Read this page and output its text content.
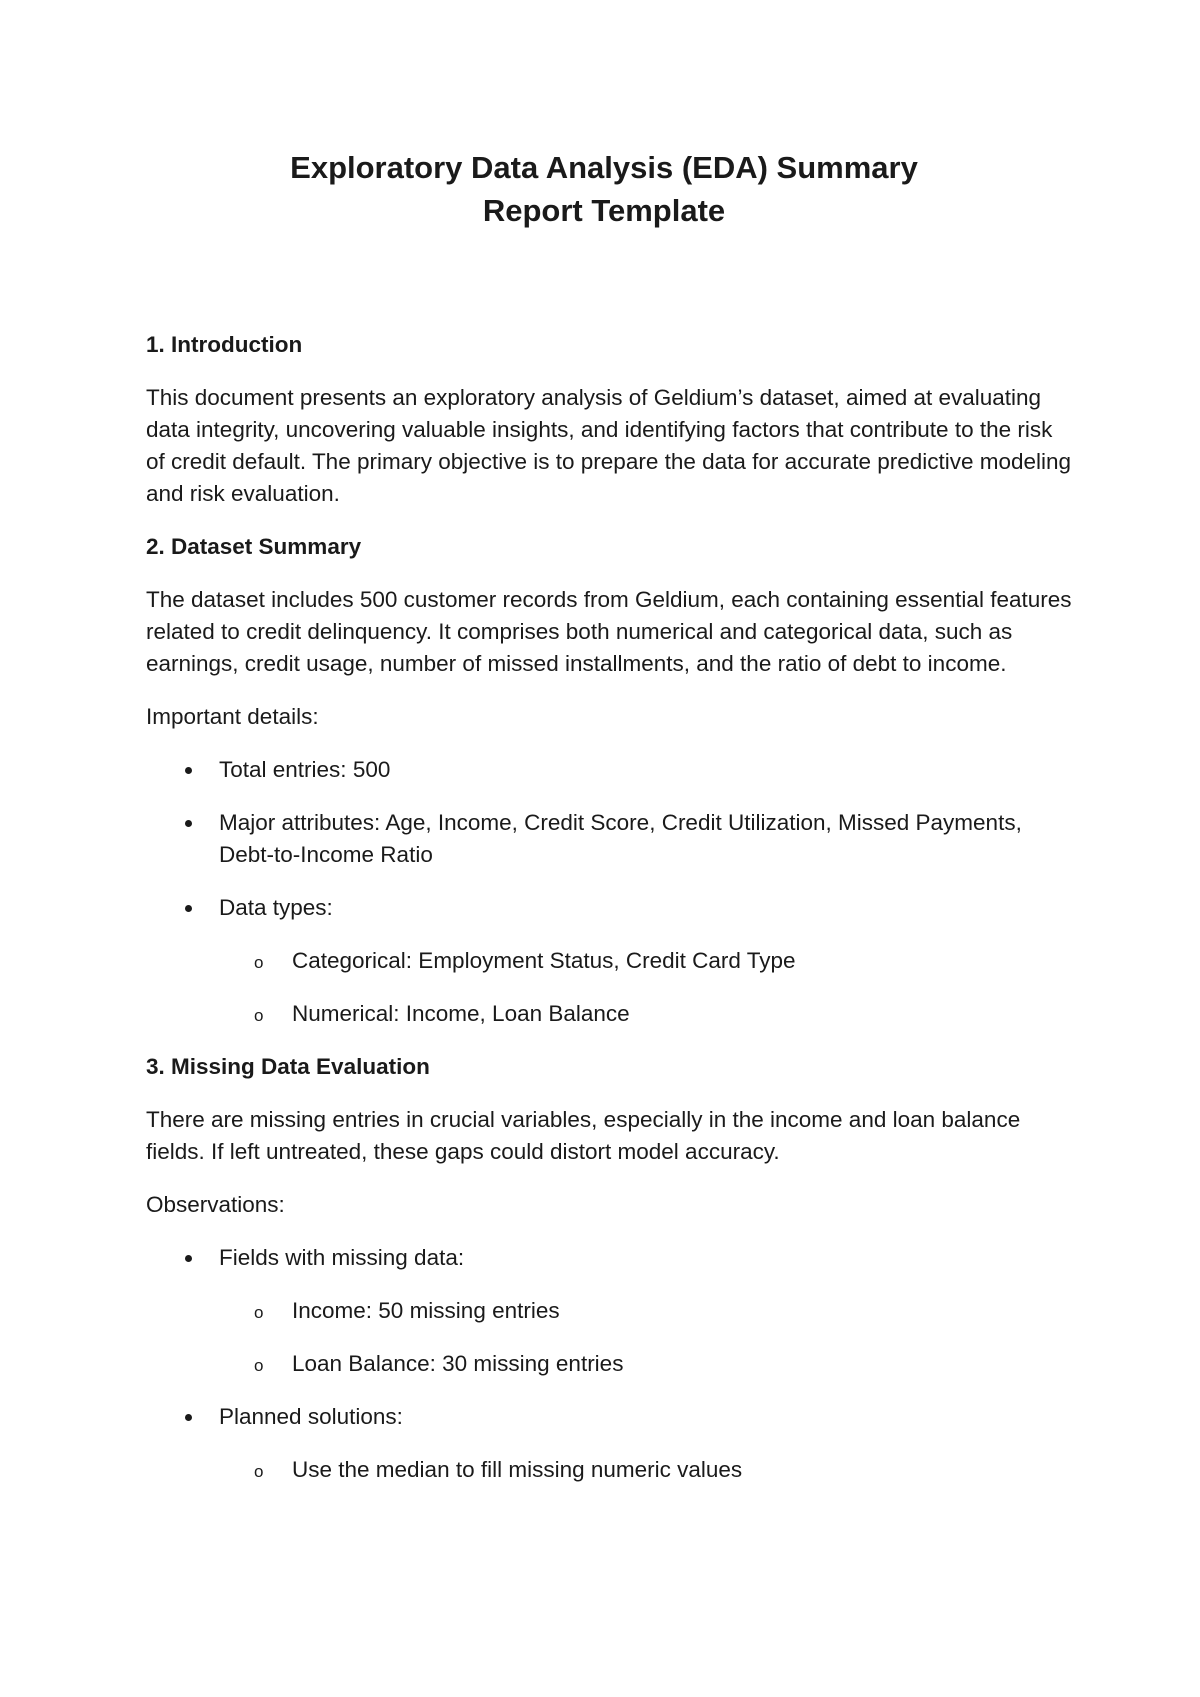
Exploratory Data Analysis (EDA) Summary
Report Template
1. Introduction

This document presents an exploratory analysis of Geldium’s dataset, aimed at evaluating data integrity, uncovering valuable insights, and identifying factors that contribute to the risk of credit default. The primary objective is to prepare the data for accurate predictive modeling and risk evaluation.

2. Dataset Summary

The dataset includes 500 customer records from Geldium, each containing essential features related to credit delinquency. It comprises both numerical and categorical data, such as earnings, credit usage, number of missed installments, and the ratio of debt to income.

Important details:

Total entries: 500
Major attributes: Age, Income, Credit Score, Credit Utilization, Missed Payments, Debt-to-Income Ratio
Data types:
o Categorical: Employment Status, Credit Card Type
o Numerical: Income, Loan Balance
3. Missing Data Evaluation

There are missing entries in crucial variables, especially in the income and loan balance fields. If left untreated, these gaps could distort model accuracy.

Observations:

Fields with missing data:
o Income: 50 missing entries
o Loan Balance: 30 missing entries
Planned solutions:
o Use the median to fill missing numeric values
